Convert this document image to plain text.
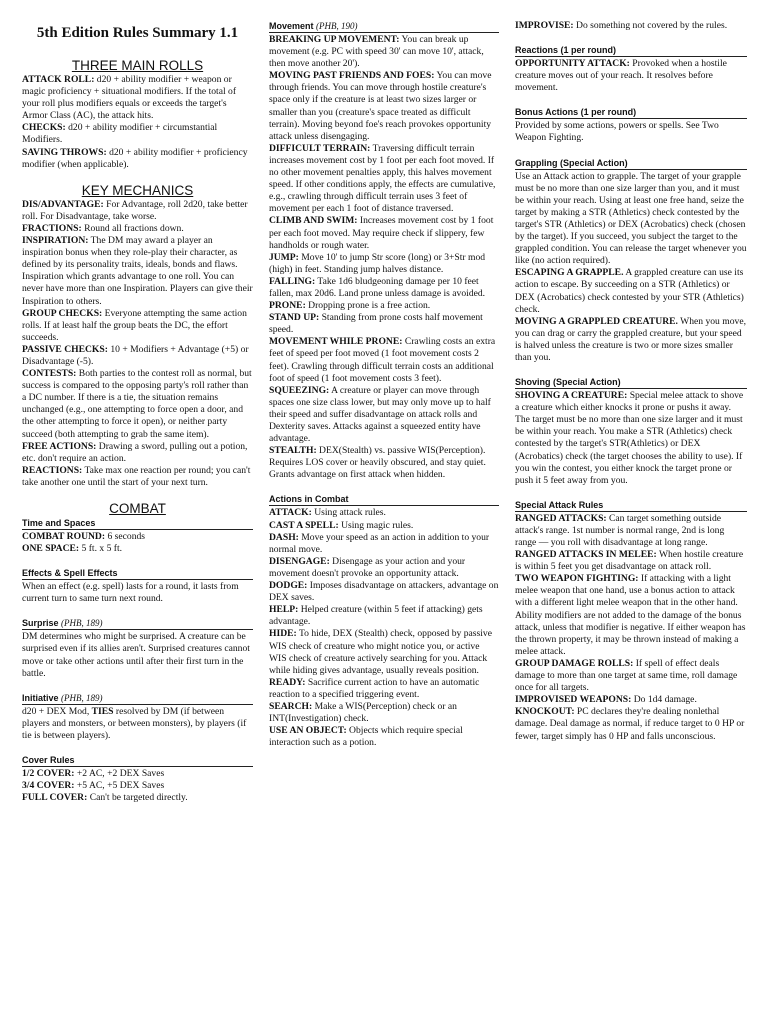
5th Edition Rules Summary 1.1
THREE MAIN ROLLS

ATTACK ROLL: d20 + ability modifier + weapon or magic proficiency + situational modifiers. If the total of your roll plus modifiers equals or exceeds the target's Armor Class (AC), the attack hits.

CHECKS: d20 + ability modifier + circumstantial Modifiers.

SAVING THROWS: d20 + ability modifier + proficiency modifier (when applicable).

KEY MECHANICS

DIS/ADVANTAGE: For Advantage, roll 2d20, take better roll. For Disadvantage, take worse.

FRACTIONS: Round all fractions down.

INSPIRATION: The DM may award a player an inspiration bonus when they role-play their character, as defined by its personality traits, ideals, bonds and flaws. Inspiration which grants advantage to one roll. You can never have more than one Inspiration. Players can give their Inspiration to others.

GROUP CHECKS: Everyone attempting the same action rolls. If at least half the group beats the DC, the effort succeeds.

PASSIVE CHECKS: 10 + Modifiers + Advantage (+5) or Disadvantage (-5).

CONTESTS: Both parties to the contest roll as normal, but success is compared to the opposing party's roll rather than a DC number. If there is a tie, the situation remains unchanged (e.g., one attempting to force open a door, and the other attempting to force it open), or neither party succeed (both attempting to grab the same item).

FREE ACTIONS: Drawing a sword, pulling out a potion, etc. don't require an action.

REACTIONS: Take max one reaction per round; you can't take another one until the start of your next turn.

COMBAT
Time and Spaces

COMBAT ROUND: 6 seconds

ONE SPACE: 5 ft. x 5 ft.

Effects & Spell Effects

When an effect (e.g. spell) lasts for a round, it lasts from current turn to same turn next round.

Surprise (PHB, 189)

DM determines who might be surprised. A creature can be surprised even if its allies aren't. Surprised creatures cannot move or take other actions until after their first turn in the battle.

Initiative (PHB, 189)

d20 + DEX Mod, TIES resolved by DM (if between players and monsters, or between monsters), by players (if tie is between players).

Cover Rules

1/2 COVER: +2 AC, +2 DEX Saves

3/4 COVER: +5 AC, +5 DEX Saves

FULL COVER: Can't be targeted directly.

Movement (PHB, 190)

BREAKING UP MOVEMENT: You can break up movement (e.g. PC with speed 30' can move 10', attack, then move another 20').

MOVING PAST FRIENDS AND FOES: You can move through friends. You can move through hostile creature's space only if the creature is at least two sizes larger or smaller than you (creature's space treated as difficult terrain). Moving beyond foe's reach provokes opportunity attack unless disengaging.

DIFFICULT TERRAIN: Traversing difficult terrain increases movement cost by 1 foot per each foot moved. If no other movement penalties apply, this halves movement speed. If other conditions apply, the effects are cumulative, e.g., crawling through difficult terrain uses 3 feet of movement per each 1 foot of distance traversed.

CLIMB AND SWIM: Increases movement cost by 1 foot per each foot moved. May require check if slippery, few handholds or rough water.

JUMP: Move 10' to jump Str score (long) or 3+Str mod (high) in feet. Standing jump halves distance.

FALLING: Take 1d6 bludgeoning damage per 10 feet fallen, max 20d6. Land prone unless damage is avoided.

PRONE: Dropping prone is a free action.

STAND UP: Standing from prone costs half movement speed.

MOVEMENT WHILE PRONE: Crawling costs an extra feet of speed per foot moved (1 foot movement costs 2 feet). Crawling through difficult terrain costs an additional foot of speed (1 foot movement costs 3 feet).

SQUEEZING: A creature or player can move through spaces one size class lower, but may only move up to half their speed and suffer disadvantage on attack rolls and Dexterity saves. Attacks against a squeezed entity have advantage.

STEALTH: DEX(Stealth) vs. passive WIS(Perception). Requires LOS cover or heavily obscured, and stay quiet. Grants advantage on first attack when hidden.

Actions in Combat

ATTACK: Using attack rules.

CAST A SPELL: Using magic rules.

DASH: Move your speed as an action in addition to your normal move.

DISENGAGE: Disengage as your action and your movement doesn't provoke an opportunity attack.

DODGE: Imposes disadvantage on attackers, advantage on DEX saves.

HELP: Helped creature (within 5 feet if attacking) gets advantage.

HIDE: To hide, DEX (Stealth) check, opposed by passive WIS check of creature who might notice you, or active WIS check of creature actively searching for you. Attack while hiding gives advantage, usually reveals position.

READY: Sacrifice current action to have an automatic reaction to a specified triggering event.

SEARCH: Make a WIS(Perception) check or an INT(Investigation) check.

USE AN OBJECT: Objects which require special interaction such as a potion.

IMPROVISE: Do something not covered by the rules.

Reactions (1 per round)

OPPORTUNITY ATTACK: Provoked when a hostile creature moves out of your reach. It resolves before movement.

Bonus Actions (1 per round)

Provided by some actions, powers or spells. See Two Weapon Fighting.

Grappling (Special Action)

Use an Attack action to grapple. The target of your grapple must be no more than one size larger than you, and it must be within your reach. Using at least one free hand, seize the target by making a STR (Athletics) check contested by the target's STR (Athletics) or DEX (Acrobatics) check (chosen by the target). If you succeed, you subject the target to the grappled condition. You can release the target whenever you like (no action required).

ESCAPING A GRAPPLE. A grappled creature can use its action to escape. By succeeding on a STR (Athletics) or DEX (Acrobatics) check contested by your STR (Athletics) check.

MOVING A GRAPPLED CREATURE. When you move, you can drag or carry the grappled creature, but your speed is halved unless the creature is two or more sizes smaller than you.

Shoving (Special Action)

SHOVING A CREATURE: Special melee attack to shove a creature which either knocks it prone or pushs it away. The target must be no more than one size larger and it must be within your reach. You make a STR (Athletics) check contested by the target's STR(Athletics) or DEX (Acrobatics) check (the target chooses the ability to use). If you win the contest, you either knock the target prone or push it 5 feet away from you.

Special Attack Rules

RANGED ATTACKS: Can target something outside attack's range. 1st number is normal range, 2nd is long range — you roll with disadvantage at long range.

RANGED ATTACKS IN MELEE: When hostile creature is within 5 feet you get disadvantage on attack roll.

TWO WEAPON FIGHTING: If attacking with a light melee weapon that one hand, use a bonus action to attack with a different light melee weapon that in the other hand. Ability modifiers are not added to the damage of the bonus attack, unless that modifier is negative. If either weapon has the thrown property, it may be thrown instead of making a melee attack.

GROUP DAMAGE ROLLS: If spell of effect deals damage to more than one target at same time, roll damage once for all targets.

IMPROVISED WEAPONS: Do 1d4 damage.

KNOCKOUT: PC declares they're dealing nonlethal damage. Deal damage as normal, if reduce target to 0 HP or fewer, target simply has 0 HP and falls unconscious.
